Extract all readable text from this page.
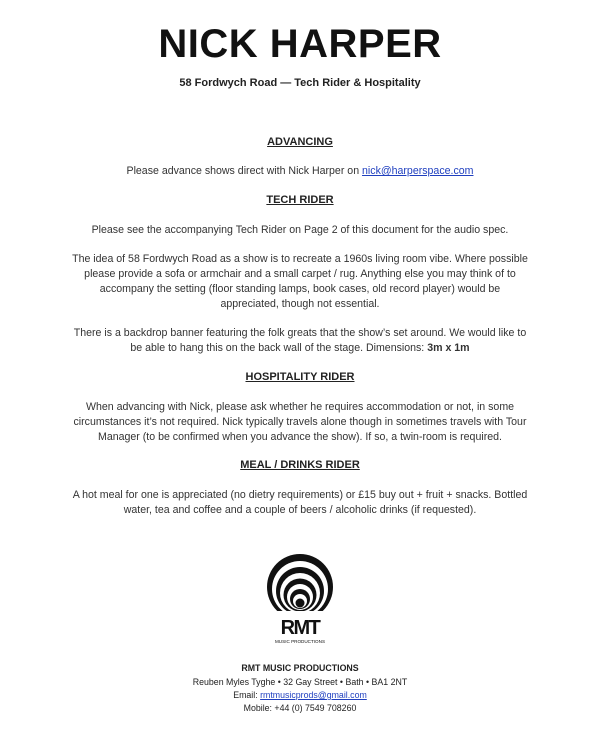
NICK HARPER
58 Fordwych Road — Tech Rider & Hospitality
ADVANCING
Please advance shows direct with Nick Harper on nick@harperspace.com
TECH RIDER
Please see the accompanying Tech Rider on Page 2 of this document for the audio spec.
The idea of 58 Fordwych Road as a show is to recreate a 1960s living room vibe. Where possible please provide a sofa or armchair and a small carpet / rug. Anything else you may think of to accompany the setting (floor standing lamps, book cases, old record player) would be appreciated, though not essential.
There is a backdrop banner featuring the folk greats that the show’s set around. We would like to be able to hang this on the back wall of the stage. Dimensions: 3m x 1m
HOSPITALITY RIDER
When advancing with Nick, please ask whether he requires accommodation or not, in some circumstances it’s not required. Nick typically travels alone though in sometimes travels with Tour Manager (to be confirmed when you advance the show). If so, a twin-room is required.
MEAL / DRINKS RIDER
A hot meal for one is appreciated (no dietry requirements) or £15 buy out + fruit + snacks. Bottled water, tea and coffee and a couple of beers / alcoholic drinks (if requested).
RMT
MUSIC PRODUCTIONS
RMT MUSIC PRODUCTIONS
Reuben Myles Tyghe • 32 Gay Street • Bath • BA1 2NT
Email: rmtmusicprods@gmail.com
Mobile: +44 (0) 7549 708260
